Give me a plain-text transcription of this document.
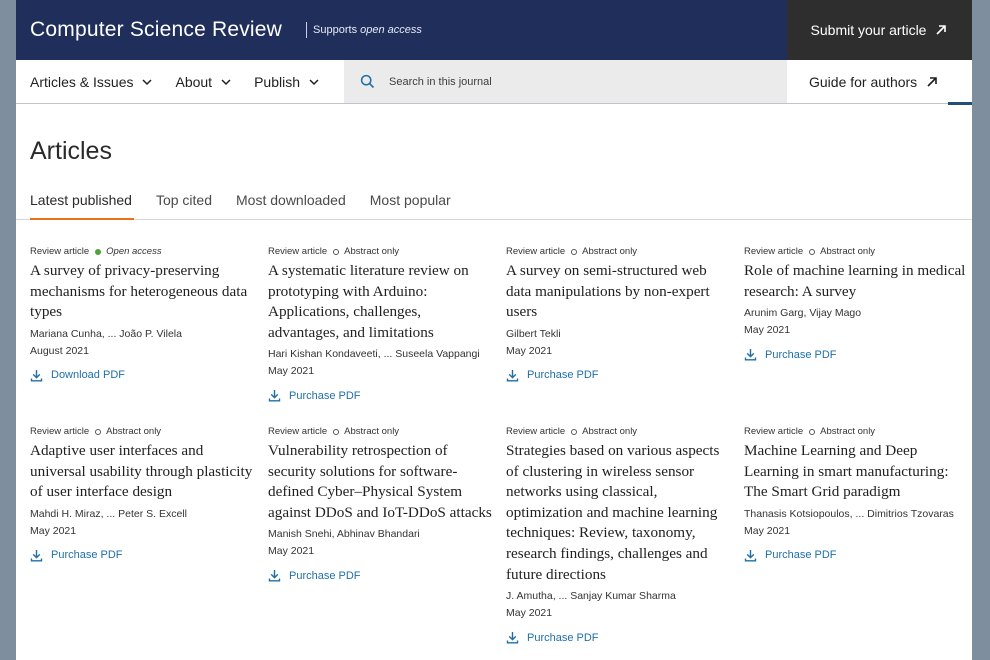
Computer Science Review	Supports open access	Submit your article
Articles & Issues	About	Publish
Search in this journal	Guide for authors
Articles
Latest published Top cited Most downloaded Most popular
Review article Open access
A survey of privacy-preserving mechanisms for heterogeneous data types
Mariana Cunha, ... João P. Vilela
August 2021
Download PDF
Review article Abstract only
A systematic literature review on prototyping with Arduino: Applications, challenges, advantages, and limitations
Hari Kishan Kondaveeti, ... Suseela Vappangi
May 2021
Purchase PDF
Review article Abstract only
A survey on semi-structured web data manipulations by non-expert users
Gilbert Tekli
May 2021
Purchase PDF
Review article Abstract only
Role of machine learning in medical research: A survey
Arunim Garg, Vijay Mago
May 2021
Purchase PDF
Review article Abstract only
Adaptive user interfaces and universal usability through plasticity of user interface design
Mahdi H. Miraz, ... Peter S. Excell
May 2021
Purchase PDF
Review article Abstract only
Vulnerability retrospection of security solutions for software-defined Cyber–Physical System against DDoS and IoT-DDoS attacks
Manish Snehi, Abhinav Bhandari
May 2021
Purchase PDF
Review article Abstract only
Strategies based on various aspects of clustering in wireless sensor networks using classical, optimization and machine learning techniques: Review, taxonomy, research findings, challenges and future directions
J. Amutha, ... Sanjay Kumar Sharma
May 2021
Purchase PDF
Review article Abstract only
Machine Learning and Deep Learning in smart manufacturing: The Smart Grid paradigm
Thanasis Kotsiopoulos, ... Dimitrios Tzovaras
May 2021
Purchase PDF
